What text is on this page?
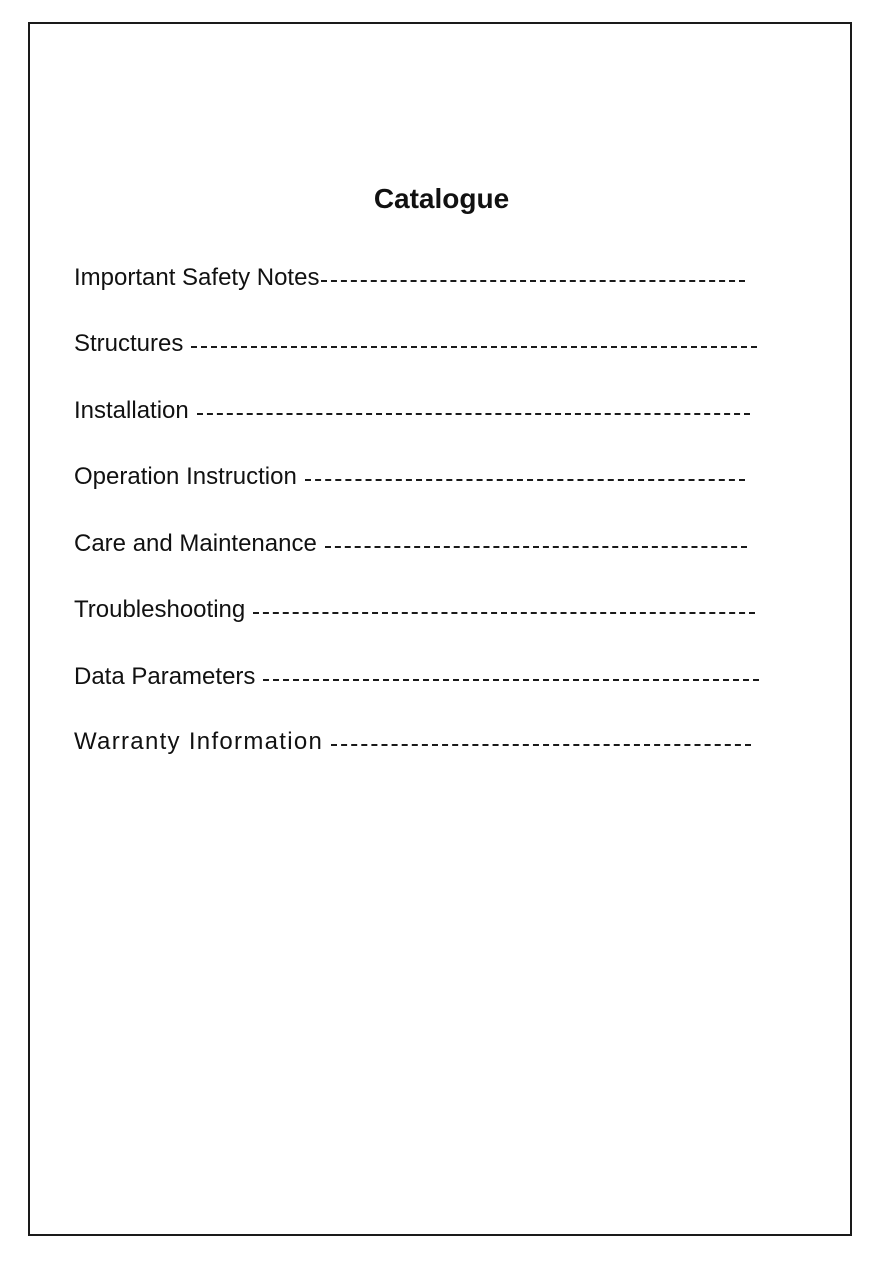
Catalogue
Important Safety Notes
Structures
Installation
Operation Instruction
Care and Maintenance
Troubleshooting
Data Parameters
Warranty Information
